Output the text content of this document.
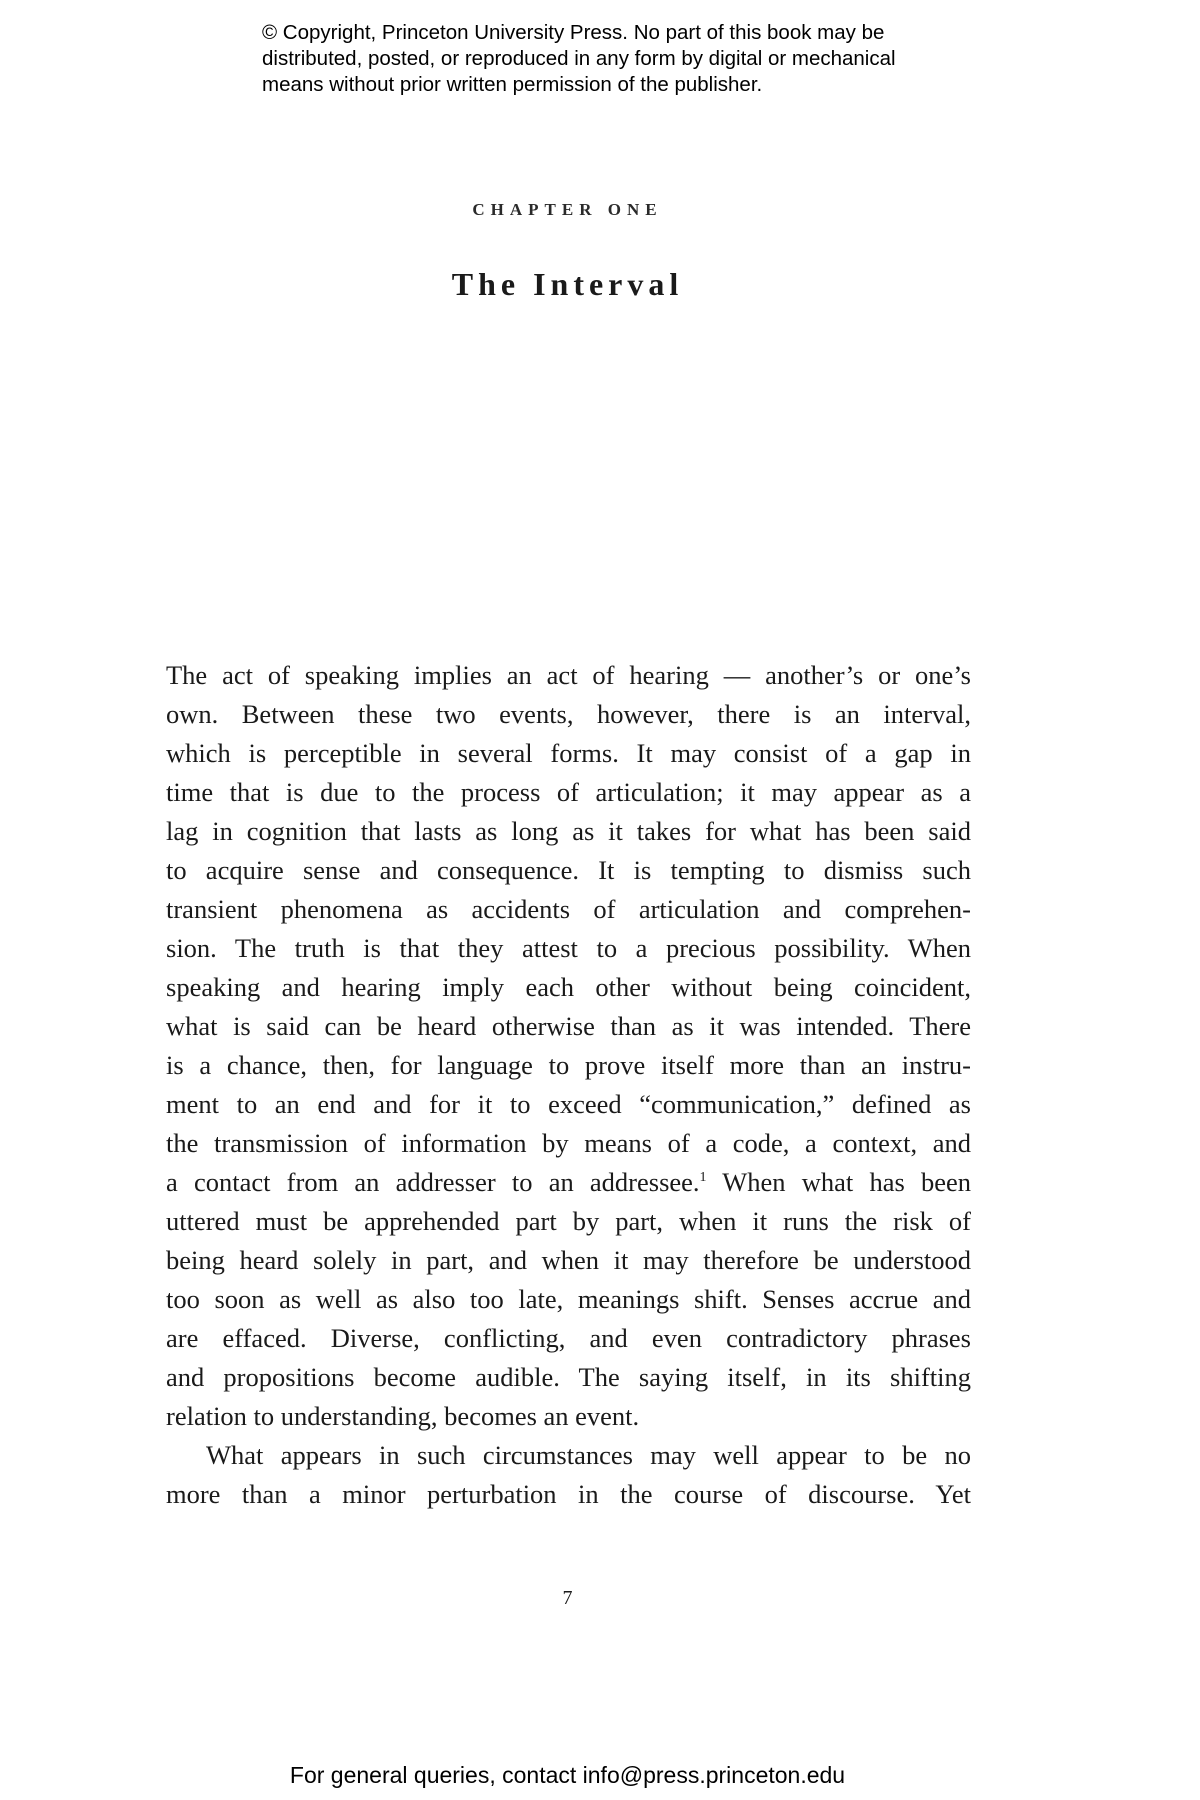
© Copyright, Princeton University Press. No part of this book may be
distributed, posted, or reproduced in any form by digital or mechanical
means without prior written permission of the publisher.
CHAPTER ONE
The Interval
The act of speaking implies an act of hearing — another’s or one’s
own. Between these two events, however, there is an interval,
which is perceptible in several forms. It may consist of a gap in
time that is due to the process of articulation; it may appear as a
lag in cognition that lasts as long as it takes for what has been said
to acquire sense and consequence. It is tempting to dismiss such
transient phenomena as accidents of articulation and comprehen-
sion. The truth is that they attest to a precious possibility. When
speaking and hearing imply each other without being coincident,
what is said can be heard otherwise than as it was intended. There
is a chance, then, for language to prove itself more than an instru-
ment to an end and for it to exceed “communication,” defined as
the transmission of information by means of a code, a context, and
a contact from an addresser to an addressee.$^1$ When what has been
uttered must be apprehended part by part, when it runs the risk of
being heard solely in part, and when it may therefore be understood
too soon as well as also too late, meanings shift. Senses accrue and
are effaced. Diverse, conflicting, and even contradictory phrases
and propositions become audible. The saying itself, in its shifting
relation to understanding, becomes an event.
What appears in such circumstances may well appear to be no
more than a minor perturbation in the course of discourse. Yet
7
For general queries, contact info@press.princeton.edu
